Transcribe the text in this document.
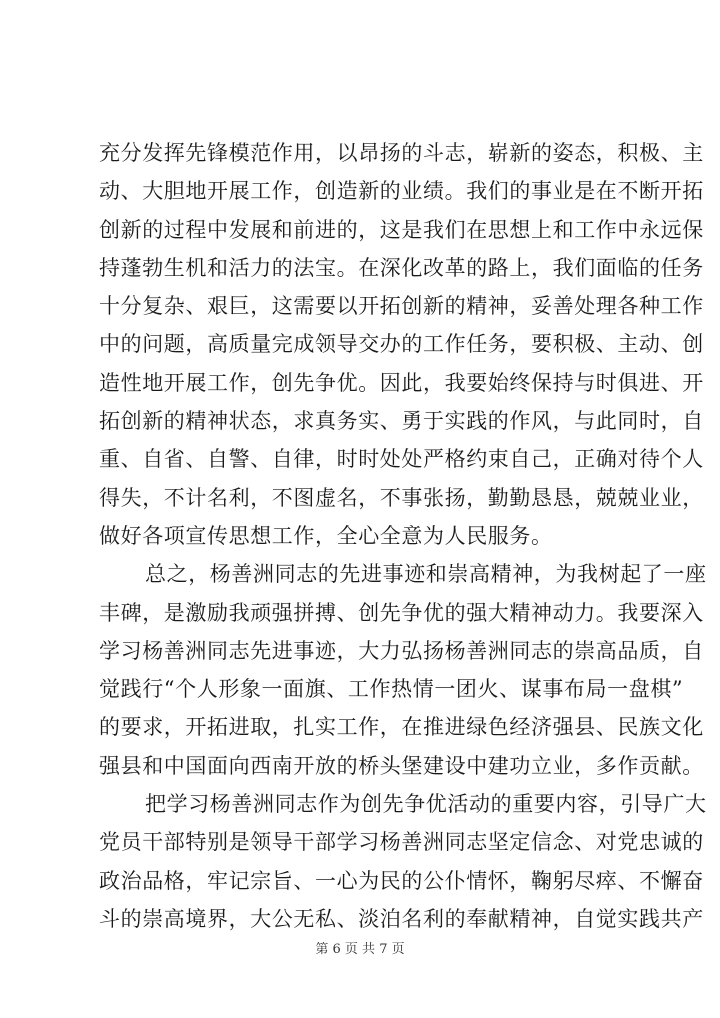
充分发挥先锋模范作用，以昂扬的斗志，崭新的姿态，积极、主
动、大胆地开展工作，创造新的业绩。我们的事业是在不断开拓
创新的过程中发展和前进的，这是我们在思想上和工作中永远保
持蓬勃生机和活力的法宝。在深化改革的路上，我们面临的任务
十分复杂、艰巨，这需要以开拓创新的精神，妥善处理各种工作
中的问题，高质量完成领导交办的工作任务，要积极、主动、创
造性地开展工作，创先争优。因此，我要始终保持与时俱进、开
拓创新的精神状态，求真务实、勇于实践的作风，与此同时，自
重、自省、自警、自律，时时处处严格约束自己，正确对待个人
得失，不计名利，不图虚名，不事张扬，勤勤恳恳，兢兢业业，
做好各项宣传思想工作，全心全意为人民服务。
总之，杨善洲同志的先进事迹和崇高精神，为我树起了一座
丰碑，是激励我顽强拼搏、创先争优的强大精神动力。我要深入
学习杨善洲同志先进事迹，大力弘扬杨善洲同志的崇高品质，自
觉践行“个人形象一面旗、工作热情一团火、谋事布局一盘棋”
的要求，开拓进取，扎实工作，在推进绿色经济强县、民族文化
强县和中国面向西南开放的桥头堡建设中建功立业，多作贡献。
把学习杨善洲同志作为创先争优活动的重要内容，引导广大
党员干部特别是领导干部学习杨善洲同志坚定信念、对党忠诚的
政治品格，牢记宗旨、一心为民的公仆情怀，鞠躬尽瘁、不懈奋
斗的崇高境界，大公无私、淡泊名利的奉献精神，自觉实践共产
第 6 页 共 7 页
